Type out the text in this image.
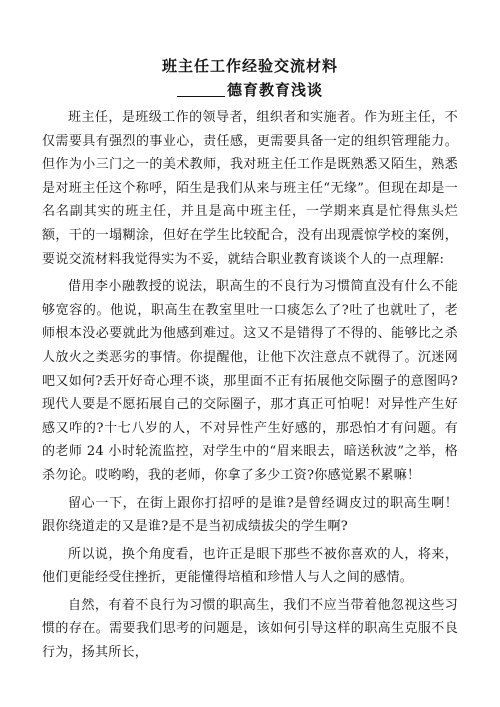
班主任工作经验交流材料
德育教育浅谈

班主任，是班级工作的领导者，组织者和实施者。作为班主任，不仅需要具有强烈的事业心，责任感，更需要具备一定的组织管理能力。但作为小三门之一的美术教师，我对班主任工作是既熟悉又陌生，熟悉是对班主任这个称呼，陌生是我们从来与班主任“无缘”。但现在却是一名名副其实的班主任，并且是高中班主任，一学期来真是忙得焦头烂额，干的一塌糊涂，但好在学生比较配合，没有出现震惊学校的案例，要说交流材料我觉得实为不妥，就结合职业教育谈谈个人的一点理解:

借用李小融教授的说法，职高生的不良行为习惯简直没有什么不能够宽容的。他说，职高生在教室里吐一口痰怎么了?吐了也就吐了，老师根本没必要就此为他感到难过。这又不是错得了不得的、能够比之杀人放火之类恶劣的事情。你提醒他，让他下次注意点不就得了。沉迷网吧又如何?丢开好奇心理不谈，那里面不正有拓展他交际圈子的意图吗?现代人要是不愿拓展自己的交际圈子，那才真正可怕呢！对异性产生好感又咋的?十七八岁的人，不对异性产生好感的，那恐怕才有问题。有的老师 24 小时轮流监控，对学生中的“眉来眼去，暗送秋波”之举，格杀勿论。哎哟哟，我的老师，你拿了多少工资?你感觉累不累嘛！

留心一下，在街上跟你打招呼的是谁?是曾经调皮过的职高生啊！跟你绕道走的又是谁?是不是当初成绩拔尖的学生啊?

所以说，换个角度看，也许正是眼下那些不被你喜欢的人，将来，他们更能经受住挫折，更能懂得培植和珍惜人与人之间的感情。

自然，有着不良行为习惯的职高生，我们不应当带着他忽视这些习惯的存在。需要我们思考的问题是，该如何引导这样的职高生克服不良行为，扬其所长，
